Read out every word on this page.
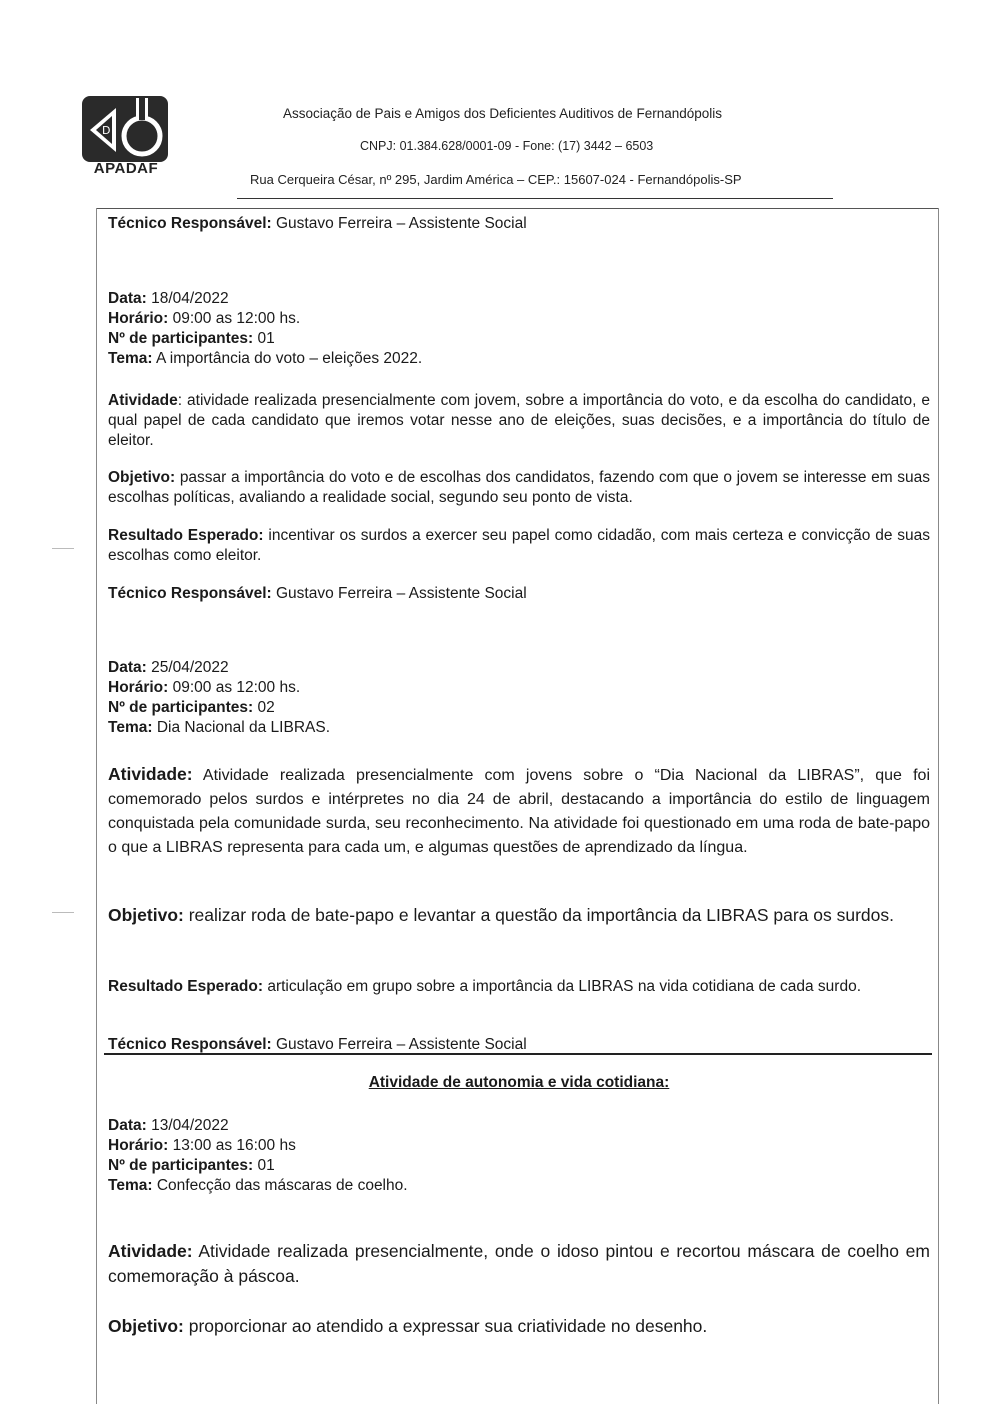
D
APADAF
Associação de Pais e Amigos dos Deficientes Auditivos de Fernandópolis
CNPJ: 01.384.628/0001-09 - Fone: (17) 3442 – 6503
Rua Cerqueira César, nº 295, Jardim América – CEP.: 15607-024 - Fernandópolis-SP
Técnico Responsável: Gustavo Ferreira – Assistente Social
Data: 18/04/2022
Horário: 09:00 as 12:00 hs.
Nº de participantes: 01
Tema: A importância do voto – eleições 2022.
Atividade: atividade realizada presencialmente com jovem, sobre a importância do voto, e da escolha do candidato, e qual papel de cada candidato que iremos votar nesse ano de eleições, suas decisões, e a importância do título de eleitor.
Objetivo: passar a importância do voto e de escolhas dos candidatos, fazendo com que o jovem se interesse em suas escolhas políticas, avaliando a realidade social, segundo seu ponto de vista.
Resultado Esperado: incentivar os surdos a exercer seu papel como cidadão, com mais certeza e convicção de suas escolhas como eleitor.
Técnico Responsável: Gustavo Ferreira – Assistente Social
Data: 25/04/2022
Horário: 09:00 as 12:00 hs.
Nº de participantes: 02
Tema: Dia Nacional da LIBRAS.
Atividade: Atividade realizada presencialmente com jovens sobre o “Dia Nacional da LIBRAS”, que foi comemorado pelos surdos e intérpretes no dia 24 de abril, destacando a importância do estilo de linguagem conquistada pela comunidade surda, seu reconhecimento. Na atividade foi questionado em uma roda de bate-papo o que a LIBRAS representa para cada um, e algumas questões de aprendizado da língua.
Objetivo: realizar roda de bate-papo e levantar a questão da importância da LIBRAS para os surdos.
Resultado Esperado: articulação em grupo sobre a importância da LIBRAS na vida cotidiana de cada surdo.
Técnico Responsável: Gustavo Ferreira – Assistente Social
Atividade de autonomia e vida cotidiana:
Data: 13/04/2022
Horário: 13:00 as 16:00 hs
Nº de participantes: 01
Tema: Confecção das máscaras de coelho.
Atividade: Atividade realizada presencialmente, onde o idoso pintou e recortou máscara de coelho em comemoração à páscoa.
Objetivo: proporcionar ao atendido a expressar sua criatividade no desenho.
